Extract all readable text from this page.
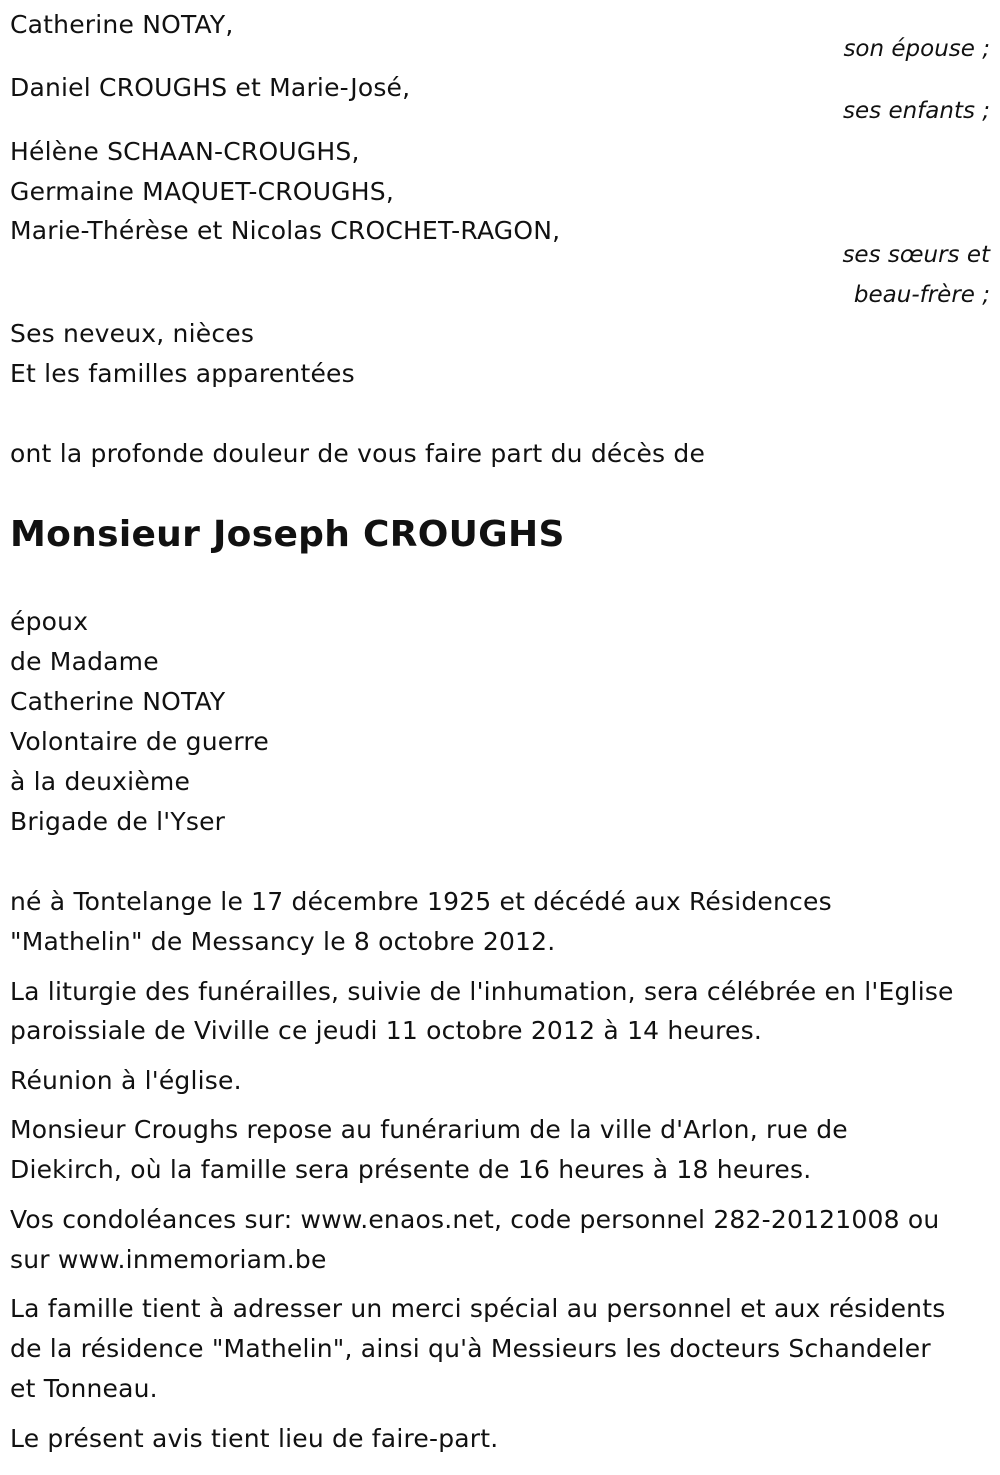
Catherine NOTAY,
son épouse ;
Daniel CROUGHS et Marie-José,
ses enfants ;
Hélène SCHAAN-CROUGHS,
Germaine MAQUET-CROUGHS,
Marie-Thérèse et Nicolas CROCHET-RAGON,
ses sœurs et
beau-frère ;
Ses neveux, nièces
Et les familles apparentées
ont la profonde douleur de vous faire part du décès de
Monsieur Joseph CROUGHS
époux
de Madame
Catherine NOTAY
Volontaire de guerre
à la deuxième
Brigade de l'Yser
né à Tontelange le 17 décembre 1925 et décédé aux Résidences
"Mathelin" de Messancy le 8 octobre 2012.
La liturgie des funérailles, suivie de l'inhumation, sera célébrée en l'Eglise
paroissiale de Viville ce jeudi 11 octobre 2012 à 14 heures.
Réunion à l'église.
Monsieur Croughs repose au funérarium de la ville d'Arlon, rue de
Diekirch, où la famille sera présente de 16 heures à 18 heures.
Vos condoléances sur: www.enaos.net, code personnel 282-20121008 ou
sur www.inmemoriam.be
La famille tient à adresser un merci spécial au personnel et aux résidents
de la résidence "Mathelin", ainsi qu'à Messieurs les docteurs Schandeler
et Tonneau.
Le présent avis tient lieu de faire-part.
